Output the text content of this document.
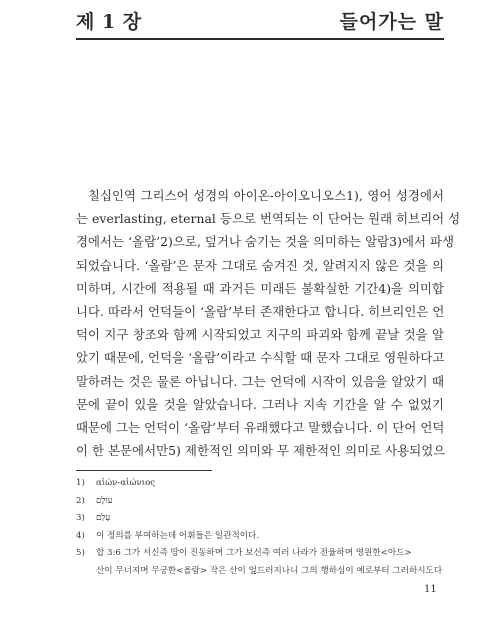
제 1 장	들어가는 말
칠십인역 그리스어 성경의 아이온-아이오니오스1), 영어 성경에서
는 everlasting, eternal 등으로 번역되는 이 단어는 원래 히브리어 성
경에서는 ‘올람’2)으로, 덮거나 숨기는 것을 의미하는 알람3)에서 파생
되었습니다. ‘올람’은 문자 그대로 숨겨진 것, 알려지지 않은 것을 의
미하며, 시간에 적용될 때 과거든 미래든 불확실한 기간4)을 의미합
니다. 따라서 언덕들이 ‘올람’부터 존재한다고 합니다. 히브리인은 언
덕이 지구 창조와 함께 시작되었고 지구의 파괴와 함께 끝날 것을 알
았기 때문에, 언덕을 ‘올람’이라고 수식할 때 문자 그대로 영원하다고
말하려는 것은 물론 아닙니다. 그는 언덕에 시작이 있음을 알았기 때
문에 끝이 있을 것을 알았습니다. 그러나 지속 기간을 알 수 없었기
때문에 그는 언덕이 ‘올람’부터 유래했다고 말했습니다. 이 단어 언덕
이 한 본문에서만5) 제한적인 의미와 무 제한적인 의미로 사용되었으
1)	αἰών-αἰώνιος
2)	עוֹלָם
3)	עָלַם
4)	이 정의를 부여하는데 어휘들은 일관적이다.
5)	합 3:6 그가 서신즉 땅이 진동하며 그가 보신즉 여러 나라가 전율하며 영원한<아드>
산이 무너지며 무궁한<올람> 작은 산이 엎드러지나니 그의 행하심이 예로부터 그러하시도다
11
